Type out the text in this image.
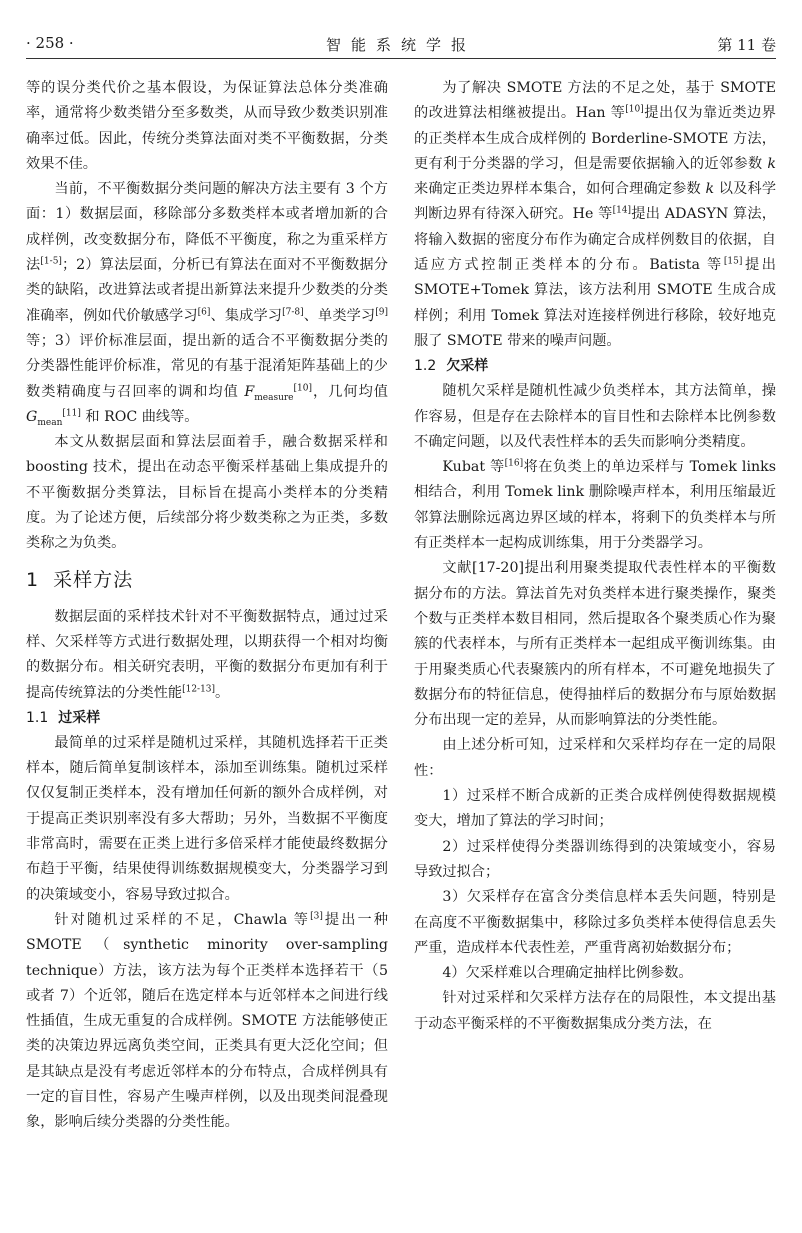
· 258 ·	智能系统学报	第 11 卷

等的误分类代价之基本假设，为保证算法总体分类准确率，通常将少数类错分至多数类，从而导致少数类识别准确率过低。因此，传统分类算法面对类不平衡数据，分类效果不佳。

当前，不平衡数据分类问题的解决方法主要有 3 个方面：1）数据层面，移除部分多数类样本或者增加新的合成样例，改变数据分布，降低不平衡度，称之为重采样方法[1-5]；2）算法层面，分析已有算法在面对不平衡数据分类的缺陷，改进算法或者提出新算法来提升少数类的分类准确率，例如代价敏感学习[6]、集成学习[7-8]、单类学习[9]等；3）评价标准层面，提出新的适合不平衡数据分类的分类器性能评价标准，常见的有基于混淆矩阵基础上的少数类精确度与召回率的调和均值 $F_{measure}[10]$，几何均值 $G_{mean}[11]$ 和 ROC 曲线等。

本文从数据层面和算法层面着手，融合数据采样和 boosting 技术，提出在动态平衡采样基础上集成提升的不平衡数据分类算法，目标旨在提高小类样本的分类精度。为了论述方便，后续部分将少数类称之为正类，多数类称之为负类。

1 采样方法

数据层面的采样技术针对不平衡数据特点，通过过采样、欠采样等方式进行数据处理，以期获得一个相对均衡的数据分布。相关研究表明，平衡的数据分布更加有利于提高传统算法的分类性能[12-13]。

1.1 过采样

最简单的过采样是随机过采样，其随机选择若干正类样本，随后简单复制该样本，添加至训练集。随机过采样仅仅复制正类样本，没有增加任何新的额外合成样例，对于提高正类识别率没有多大帮助；另外，当数据不平衡度非常高时，需要在正类上进行多倍采样才能使最终数据分布趋于平衡，结果使得训练数据规模变大，分类器学习到的决策域变小，容易导致过拟合。

针对随机过采样的不足，Chawla 等[3]提出一种 SMOTE（synthetic minority over-sampling technique）方法，该方法为每个正类样本选择若干（5 或者 7）个近邻，随后在选定样本与近邻样本之间进行线性插值，生成无重复的合成样例。SMOTE 方法能够使正类的决策边界远离负类空间，正类具有更大泛化空间；但是其缺点是没有考虑近邻样本的分布特点，合成样例具有一定的盲目性，容易产生噪声样例，以及出现类间混叠现象，影响后续分类器的分类性能。

为了解决 SMOTE 方法的不足之处，基于 SMOTE 的改进算法相继被提出。Han 等[10]提出仅为靠近类边界的正类样本生成合成样例的 Borderline-SMOTE 方法，更有利于分类器的学习，但是需要依据输入的近邻参数 k 来确定正类边界样本集合，如何合理确定参数 k 以及科学判断边界有待深入研究。He 等[14]提出 ADASYN 算法，将输入数据的密度分布作为确定合成样例数目的依据，自适应方式控制正类样本的分布。Batista 等[15]提出 SMOTE+Tomek 算法，该方法利用 SMOTE 生成合成样例；利用 Tomek 算法对连接样例进行移除，较好地克服了 SMOTE 带来的噪声问题。

1.2 欠采样

随机欠采样是随机性减少负类样本，其方法简单，操作容易，但是存在去除样本的盲目性和去除样本比例参数不确定问题，以及代表性样本的丢失而影响分类精度。

Kubat 等[16]将在负类上的单边采样与 Tomek links 相结合，利用 Tomek link 删除噪声样本，利用压缩最近邻算法删除远离边界区域的样本，将剩下的负类样本与所有正类样本一起构成训练集，用于分类器学习。

文献[17-20]提出利用聚类提取代表性样本的平衡数据分布的方法。算法首先对负类样本进行聚类操作，聚类个数与正类样本数目相同，然后提取各个聚类质心作为聚簇的代表样本，与所有正类样本一起组成平衡训练集。由于用聚类质心代表聚簇内的所有样本，不可避免地损失了数据分布的特征信息，使得抽样后的数据分布与原始数据分布出现一定的差异，从而影响算法的分类性能。

由上述分析可知，过采样和欠采样均存在一定的局限性：

1）过采样不断合成新的正类合成样例使得数据规模变大，增加了算法的学习时间；

2）过采样使得分类器训练得到的决策域变小，容易导致过拟合；

3）欠采样存在富含分类信息样本丢失问题，特别是在高度不平衡数据集中，移除过多负类样本使得信息丢失严重，造成样本代表性差，严重背离初始数据分布；

4）欠采样难以合理确定抽样比例参数。

针对过采样和欠采样方法存在的局限性，本文提出基于动态平衡采样的不平衡数据集成分类方法，在
